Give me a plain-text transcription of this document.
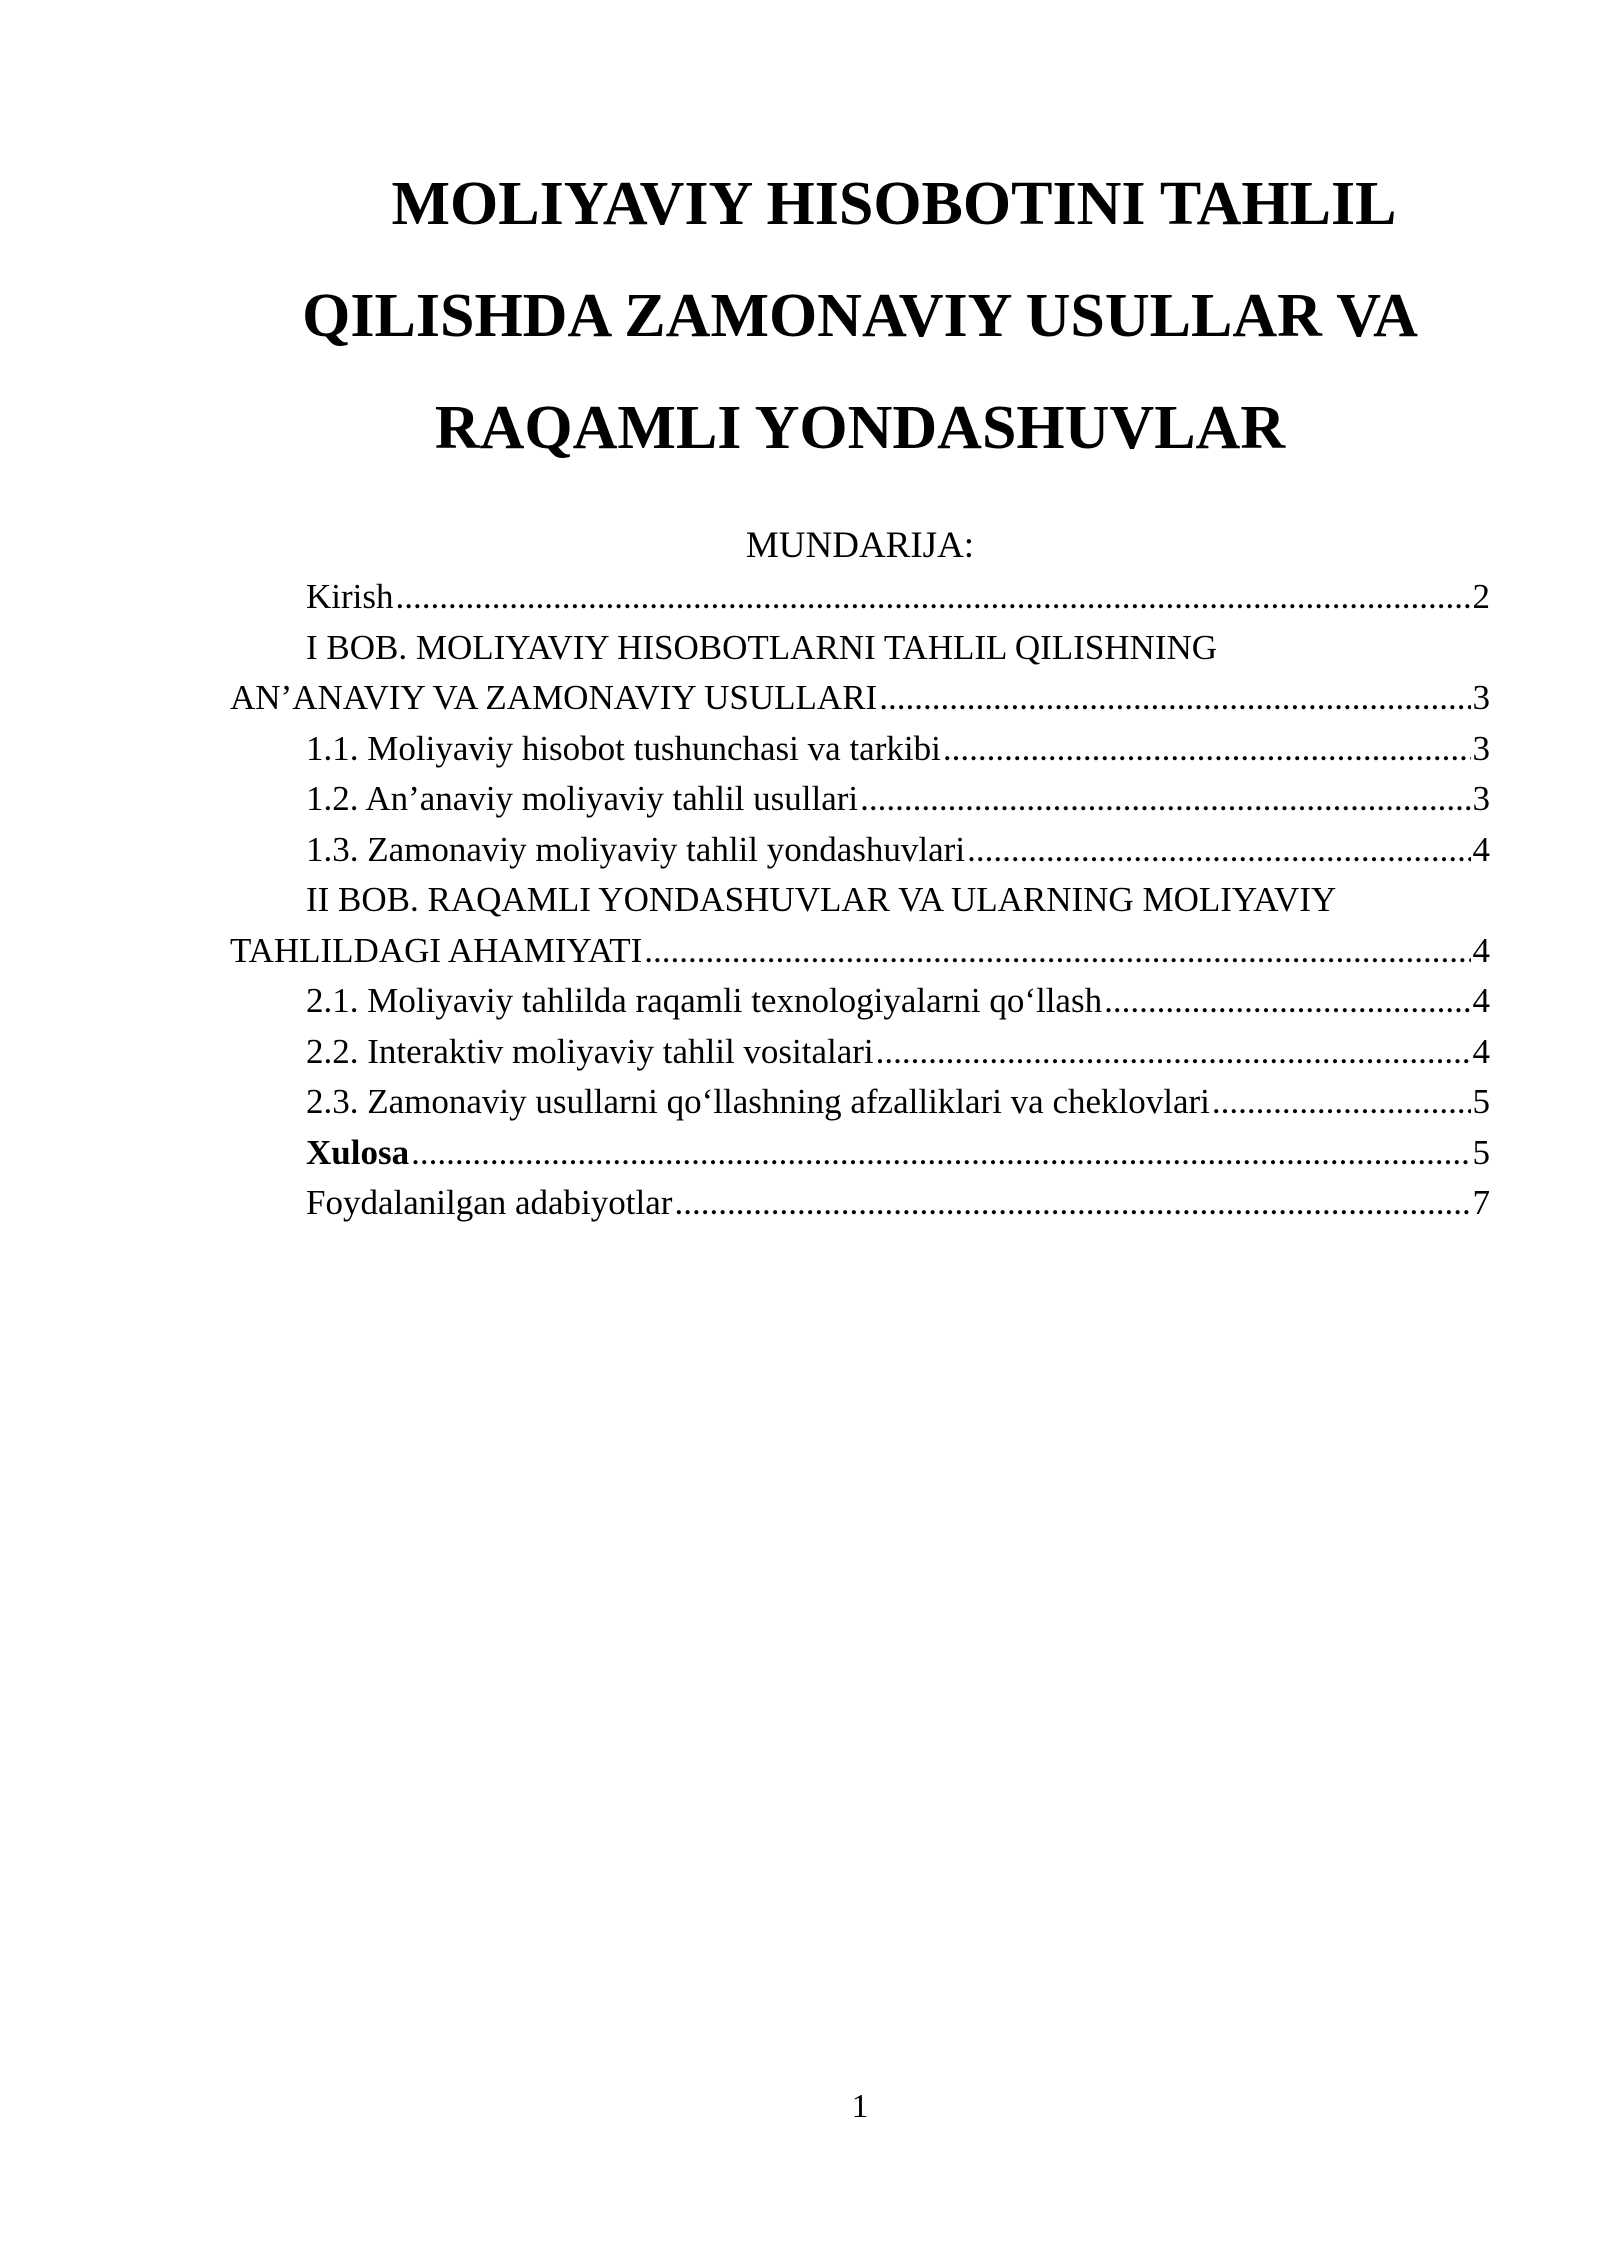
MOLIYAVIY HISOBOTINI TAHLIL
QILISHDA ZAMONAVIY USULLAR VA
RAQAMLI YONDASHUVLAR
MUNDARIJA:
Kirish .....	2
I BOB. MOLIYAVIY HISOBOTLARNI TAHLIL QILISHNING
AN’ANAVIY VA ZAMONAVIY USULLARI .....	3
1.1. Moliyaviy hisobot tushunchasi va tarkibi .....	3
1.2. An’anaviy moliyaviy tahlil usullari .....	3
1.3. Zamonaviy moliyaviy tahlil yondashuvlari .....	4
II BOB. RAQAMLI YONDASHUVLAR VA ULARNING MOLIYAVIY
TAHLILDAGI AHAMIYATI .....	4
2.1. Moliyaviy tahlilda raqamli texnologiyalarni qo‘llash .....	4
2.2. Interaktiv moliyaviy tahlil vositalari .....	4
2.3. Zamonaviy usullarni qo‘llashning afzalliklari va cheklovlari .....	5
Xulosa .....	5
Foydalanilgan adabiyotlar .....	7
1
